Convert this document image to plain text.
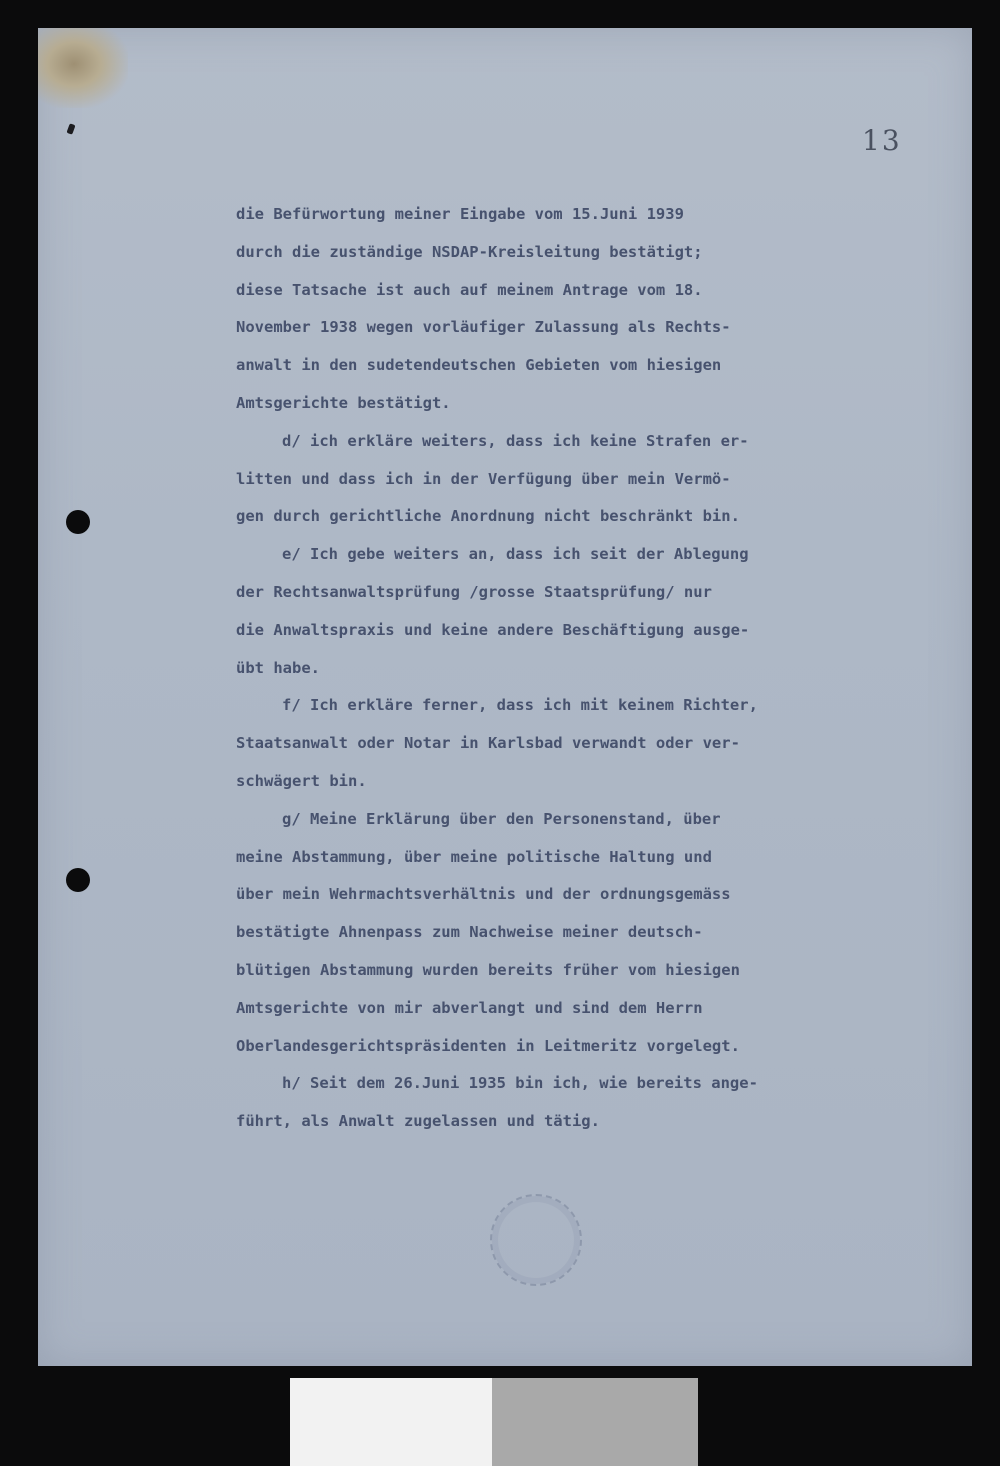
13
die Befürwortung meiner Eingabe vom 15.Juni 1939
durch die zuständige NSDAP-Kreisleitung bestätigt;
diese Tatsache ist auch auf meinem Antrage vom 18.
November 1938 wegen vorläufiger Zulassung als Rechts-
anwalt in den sudetendeutschen Gebieten vom hiesigen
Amtsgerichte bestätigt.
d/ ich erkläre weiters, dass ich keine Strafen er-
litten und dass ich in der Verfügung über mein Vermö-
gen durch gerichtliche Anordnung nicht beschränkt bin.
e/ Ich gebe weiters an, dass ich seit der Ablegung
der Rechtsanwaltsprüfung /grosse Staatsprüfung/ nur
die Anwaltspraxis und keine andere Beschäftigung ausge-
übt habe.
f/ Ich erkläre ferner, dass ich mit keinem Richter,
Staatsanwalt oder Notar in Karlsbad verwandt oder ver-
schwägert bin.
g/ Meine Erklärung über den Personenstand, über
meine Abstammung, über meine politische Haltung und
über mein Wehrmachtsverhältnis und der ordnungsgemäss
bestätigte Ahnenpass zum Nachweise meiner deutsch-
blütigen Abstammung wurden bereits früher vom hiesigen
Amtsgerichte von mir abverlangt und sind dem Herrn
Oberlandesgerichtspräsidenten in Leitmeritz vorgelegt.
h/ Seit dem 26.Juni 1935 bin ich, wie bereits ange-
führt, als Anwalt zugelassen und tätig.
